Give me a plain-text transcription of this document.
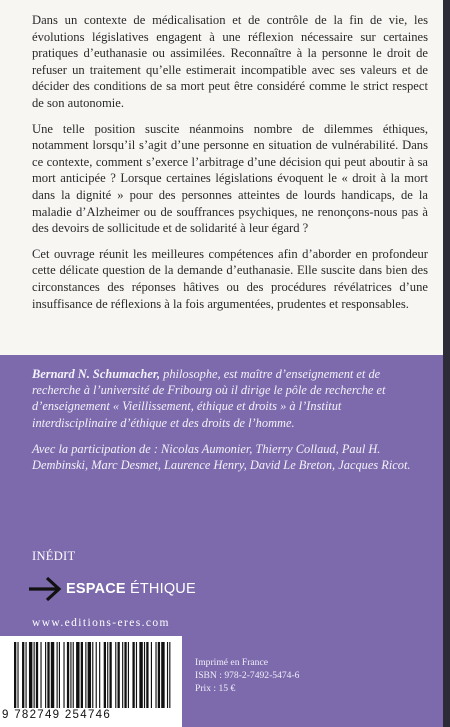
Dans un contexte de médicalisation et de contrôle de la fin de vie, les évolutions législatives engagent à une réflexion nécessaire sur certaines pratiques d’euthanasie ou assimilées. Reconnaître à la personne le droit de refuser un traitement qu’elle estimerait incompatible avec ses valeurs et de décider des conditions de sa mort peut être considéré comme le strict respect de son autonomie.

Une telle position suscite néanmoins nombre de dilemmes éthiques, notamment lorsqu’il s’agit d’une personne en situation de vulnérabilité. Dans ce contexte, comment s’exerce l’arbitrage d’une décision qui peut aboutir à sa mort anticipée ? Lorsque certaines législations évoquent le « droit à la mort dans la dignité » pour des personnes atteintes de lourds handicaps, de la maladie d’Alzheimer ou de souffrances psychiques, ne renonçons-nous pas à des devoirs de sollicitude et de solidarité à leur égard ?

Cet ouvrage réunit les meilleures compétences afin d’aborder en profondeur cette délicate question de la demande d’euthanasie. Elle suscite dans bien des circonstances des réponses hâtives ou des procédures révélatrices d’une insuffisance de réflexions à la fois argumentées, prudentes et responsables.

Bernard N. Schumacher, philosophe, est maître d’enseignement et de recherche à l’université de Fribourg où il dirige le pôle de recherche et d’enseignement « Vieillissement, éthique et droits » à l’Institut interdisciplinaire d’éthique et des droits de l’homme.

Avec la participation de : Nicolas Aumonier, Thierry Collaud, Paul H. Dembinski, Marc Desmet, Laurence Henry, David Le Breton, Jacques Ricot.

INÉDIT
ESPACE ÉTHIQUE
www.editions-eres.com
9 782749 254746
Imprimé en France
ISBN : 978-2-7492-5474-6
Prix : 15 €
